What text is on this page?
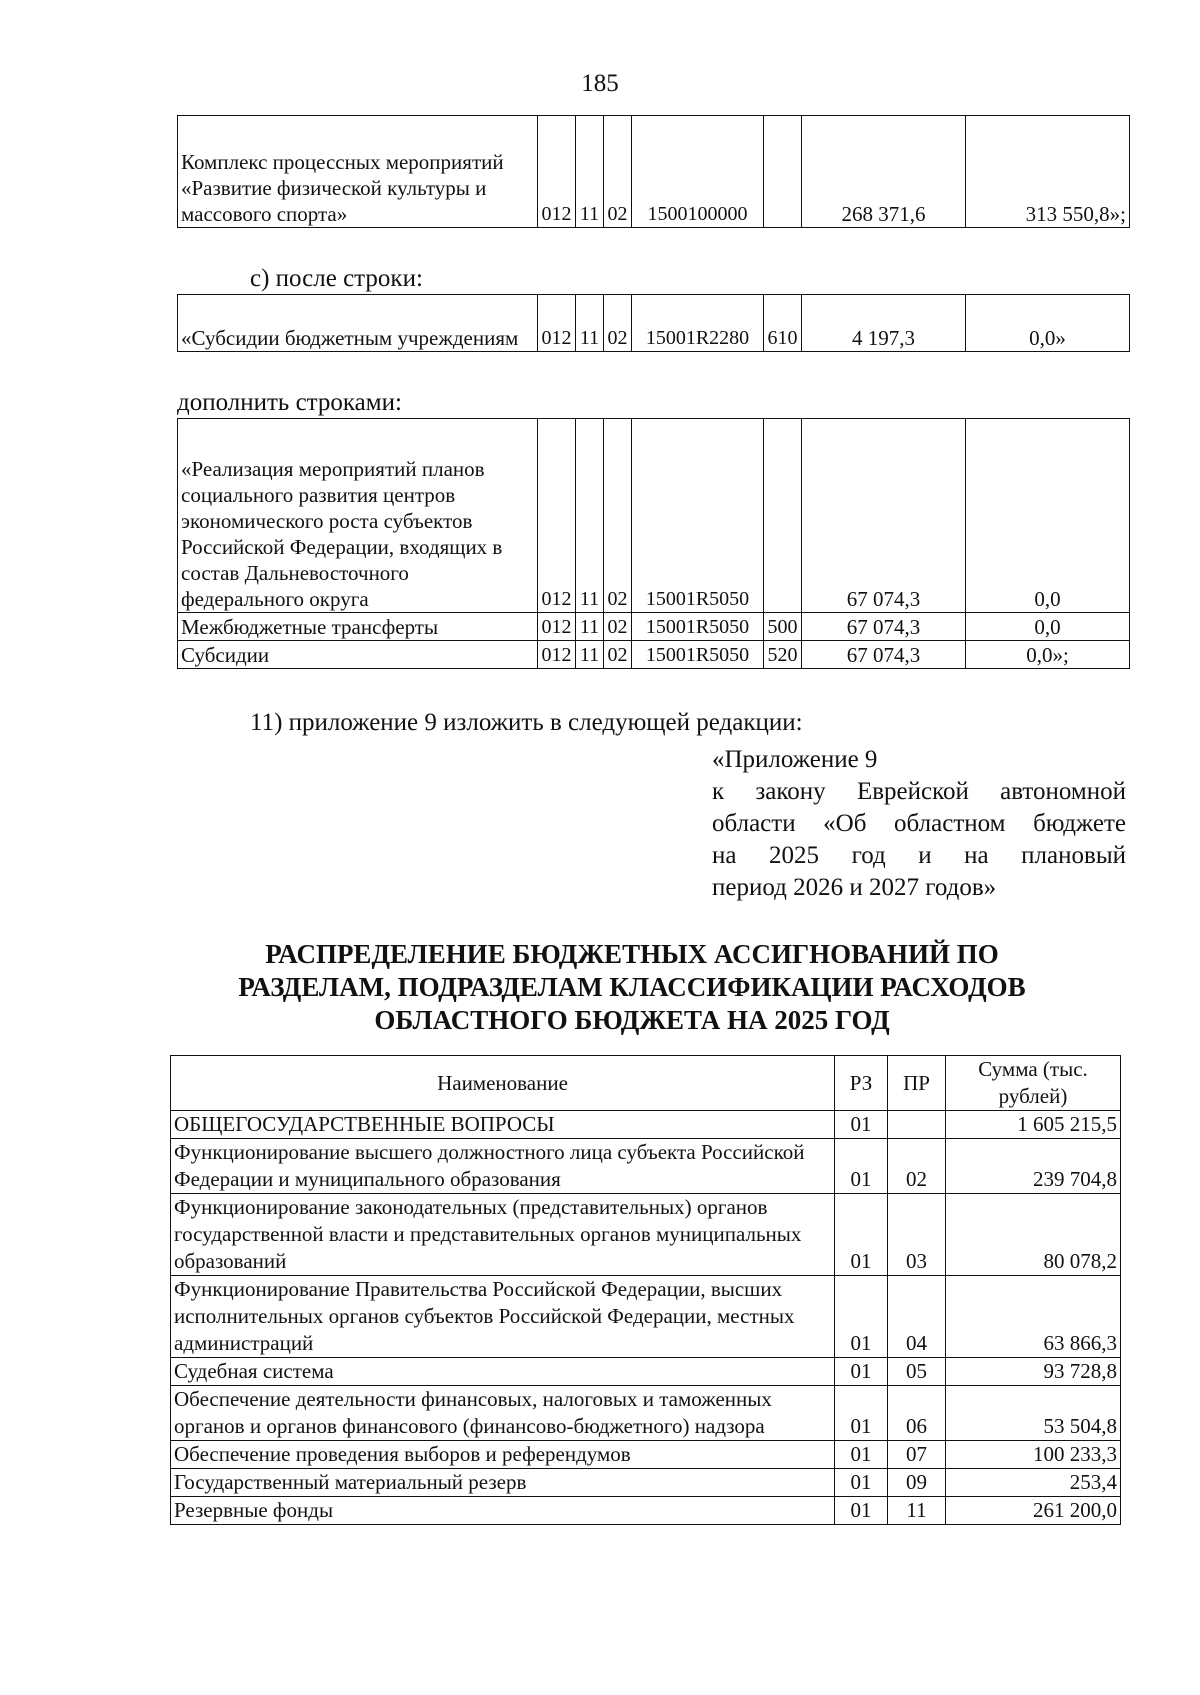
185
Комплекс процессных мероприятий «Развитие физической культуры и массового спорта»	012	11	02	1500100000		268 371,6	313 550,8»;
с) после строки:
«Субсидии бюджетным учреждениям	012	11	02	15001R2280	610	4 197,3	0,0»
дополнить строками:
«Реализация мероприятий планов социального развития центров экономического роста субъектов Российской Федерации, входящих в состав Дальневосточного федерального округа	012	11	02	15001R5050		67 074,3	0,0
Межбюджетные трансферты	012	11	02	15001R5050	500	67 074,3	0,0
Субсидии	012	11	02	15001R5050	520	67 074,3	0,0»;
11) приложение 9 изложить в следующей редакции:
«Приложение 9
к закону Еврейской автономной
области «Об областном бюджете
на 2025 год и на плановый
период 2026 и 2027 годов»
РАСПРЕДЕЛЕНИЕ БЮДЖЕТНЫХ АССИГНОВАНИЙ ПО
РАЗДЕЛАМ, ПОДРАЗДЕЛАМ КЛАССИФИКАЦИИ РАСХОДОВ
ОБЛАСТНОГО БЮДЖЕТА НА 2025 ГОД
Наименование	РЗ	ПР	Сумма (тыс. рублей)
ОБЩЕГОСУДАРСТВЕННЫЕ ВОПРОСЫ	01		1 605 215,5
Функционирование высшего должностного лица субъекта Российской Федерации и муниципального образования	01	02	239 704,8
Функционирование законодательных (представительных) органов государственной власти и представительных органов муниципальных образований	01	03	80 078,2
Функционирование Правительства Российской Федерации, высших исполнительных органов субъектов Российской Федерации, местных администраций	01	04	63 866,3
Судебная система	01	05	93 728,8
Обеспечение деятельности финансовых, налоговых и таможенных органов и органов финансового (финансово-бюджетного) надзора	01	06	53 504,8
Обеспечение проведения выборов и референдумов	01	07	100 233,3
Государственный материальный резерв	01	09	253,4
Резервные фонды	01	11	261 200,0
